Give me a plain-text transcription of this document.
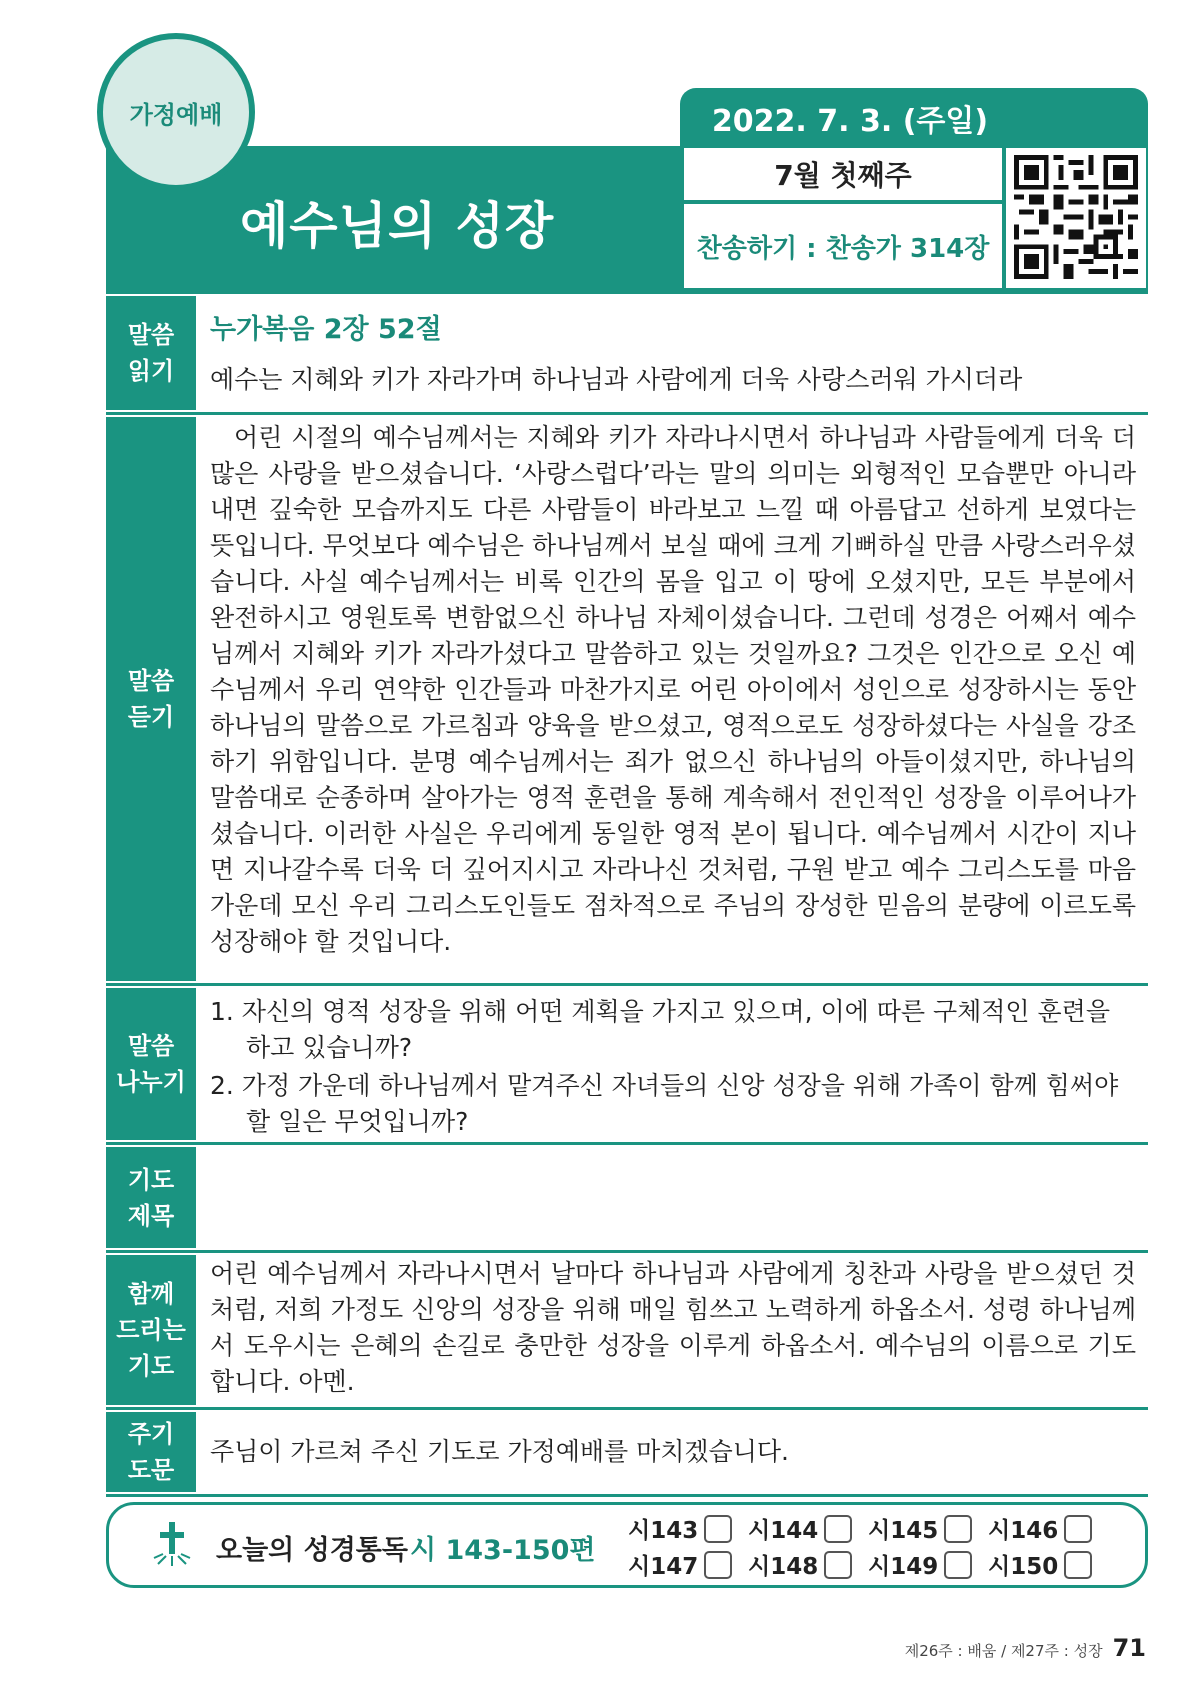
가정예배
예수님의 성장
2022. 7. 3. (주일)
7월 첫째주
찬송하기 : 찬송가 314장
말씀
읽기
누가복음 2장 52절
예수는 지혜와 키가 자라가며 하나님과 사람에게 더욱 사랑스러워 가시더라
말씀
듣기
어린 시절의 예수님께서는 지혜와 키가 자라나시면서 하나님과 사람들에게 더욱 더 많은 사랑을 받으셨습니다. ‘사랑스럽다’라는 말의 의미는 외형적인 모습뿐만 아니라 내면 깊숙한 모습까지도 다른 사람들이 바라보고 느낄 때 아름답고 선하게 보였다는 뜻입니다. 무엇보다 예수님은 하나님께서 보실 때에 크게 기뻐하실 만큼 사랑스러우셨습니다. 사실 예수님께서는 비록 인간의 몸을 입고 이 땅에 오셨지만, 모든 부분에서 완전하시고 영원토록 변함없으신 하나님 자체이셨습니다. 그런데 성경은 어째서 예수님께서 지혜와 키가 자라가셨다고 말씀하고 있는 것일까요? 그것은 인간으로 오신 예수님께서 우리 연약한 인간들과 마찬가지로 어린 아이에서 성인으로 성장하시는 동안 하나님의 말씀으로 가르침과 양육을 받으셨고, 영적으로도 성장하셨다는 사실을 강조하기 위함입니다. 분명 예수님께서는 죄가 없으신 하나님의 아들이셨지만, 하나님의 말씀대로 순종하며 살아가는 영적 훈련을 통해 계속해서 전인적인 성장을 이루어나가셨습니다. 이러한 사실은 우리에게 동일한 영적 본이 됩니다. 예수님께서 시간이 지나면 지나갈수록 더욱 더 깊어지시고 자라나신 것처럼, 구원 받고 예수 그리스도를 마음 가운데 모신 우리 그리스도인들도 점차적으로 주님의 장성한 믿음의 분량에 이르도록 성장해야 할 것입니다.
말씀
나누기
1. 자신의 영적 성장을 위해 어떤 계획을 가지고 있으며, 이에 따른 구체적인 훈련을 하고 있습니까?
2. 가정 가운데 하나님께서 맡겨주신 자녀들의 신앙 성장을 위해 가족이 함께 힘써야 할 일은 무엇입니까?
기도
제목
함께
드리는
기도
어린 예수님께서 자라나시면서 날마다 하나님과 사람에게 칭찬과 사랑을 받으셨던 것처럼, 저희 가정도 신앙의 성장을 위해 매일 힘쓰고 노력하게 하옵소서. 성령 하나님께서 도우시는 은혜의 손길로 충만한 성장을 이루게 하옵소서. 예수님의 이름으로 기도합니다. 아멘.
주기
도문
주님이 가르쳐 주신 기도로 가정예배를 마치겠습니다.
오늘의 성경통독 시 143-150편
시143 시144 시145 시146
시147 시148 시149 시150
제26주 : 배움 / 제27주 : 성장 71
